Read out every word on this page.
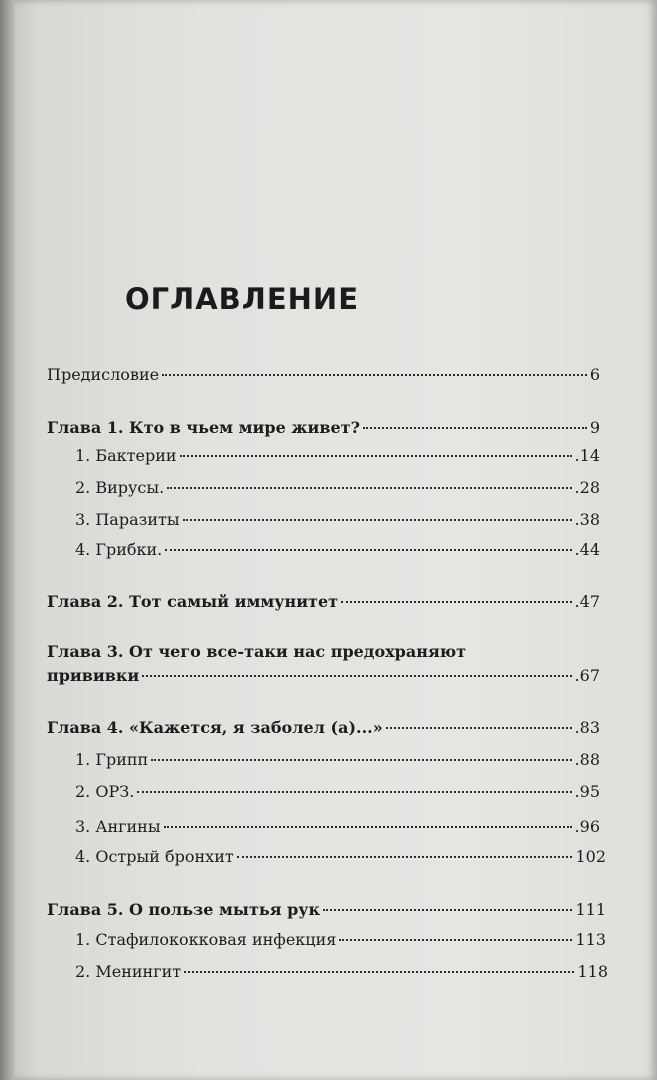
ОГЛАВЛЕНИЕ
Предисловие	6
Глава 1. Кто в чьем мире живет?	9
1. Бактерии	.14
2. Вирусы.	.28
3. Паразиты	.38
4. Грибки.	.44
Глава 2. Тот самый иммунитет	.47
Глава 3. От чего все-таки нас предохраняют
прививки	.67
Глава 4. «Кажется, я заболел (а)...»	.83
1. Грипп	.88
2. ОРЗ.	.95
3. Ангины	.96
4. Острый бронхит	102
Глава 5. О пользе мытья рук	111
1. Стафилококковая инфекция	113
2. Менингит	118
